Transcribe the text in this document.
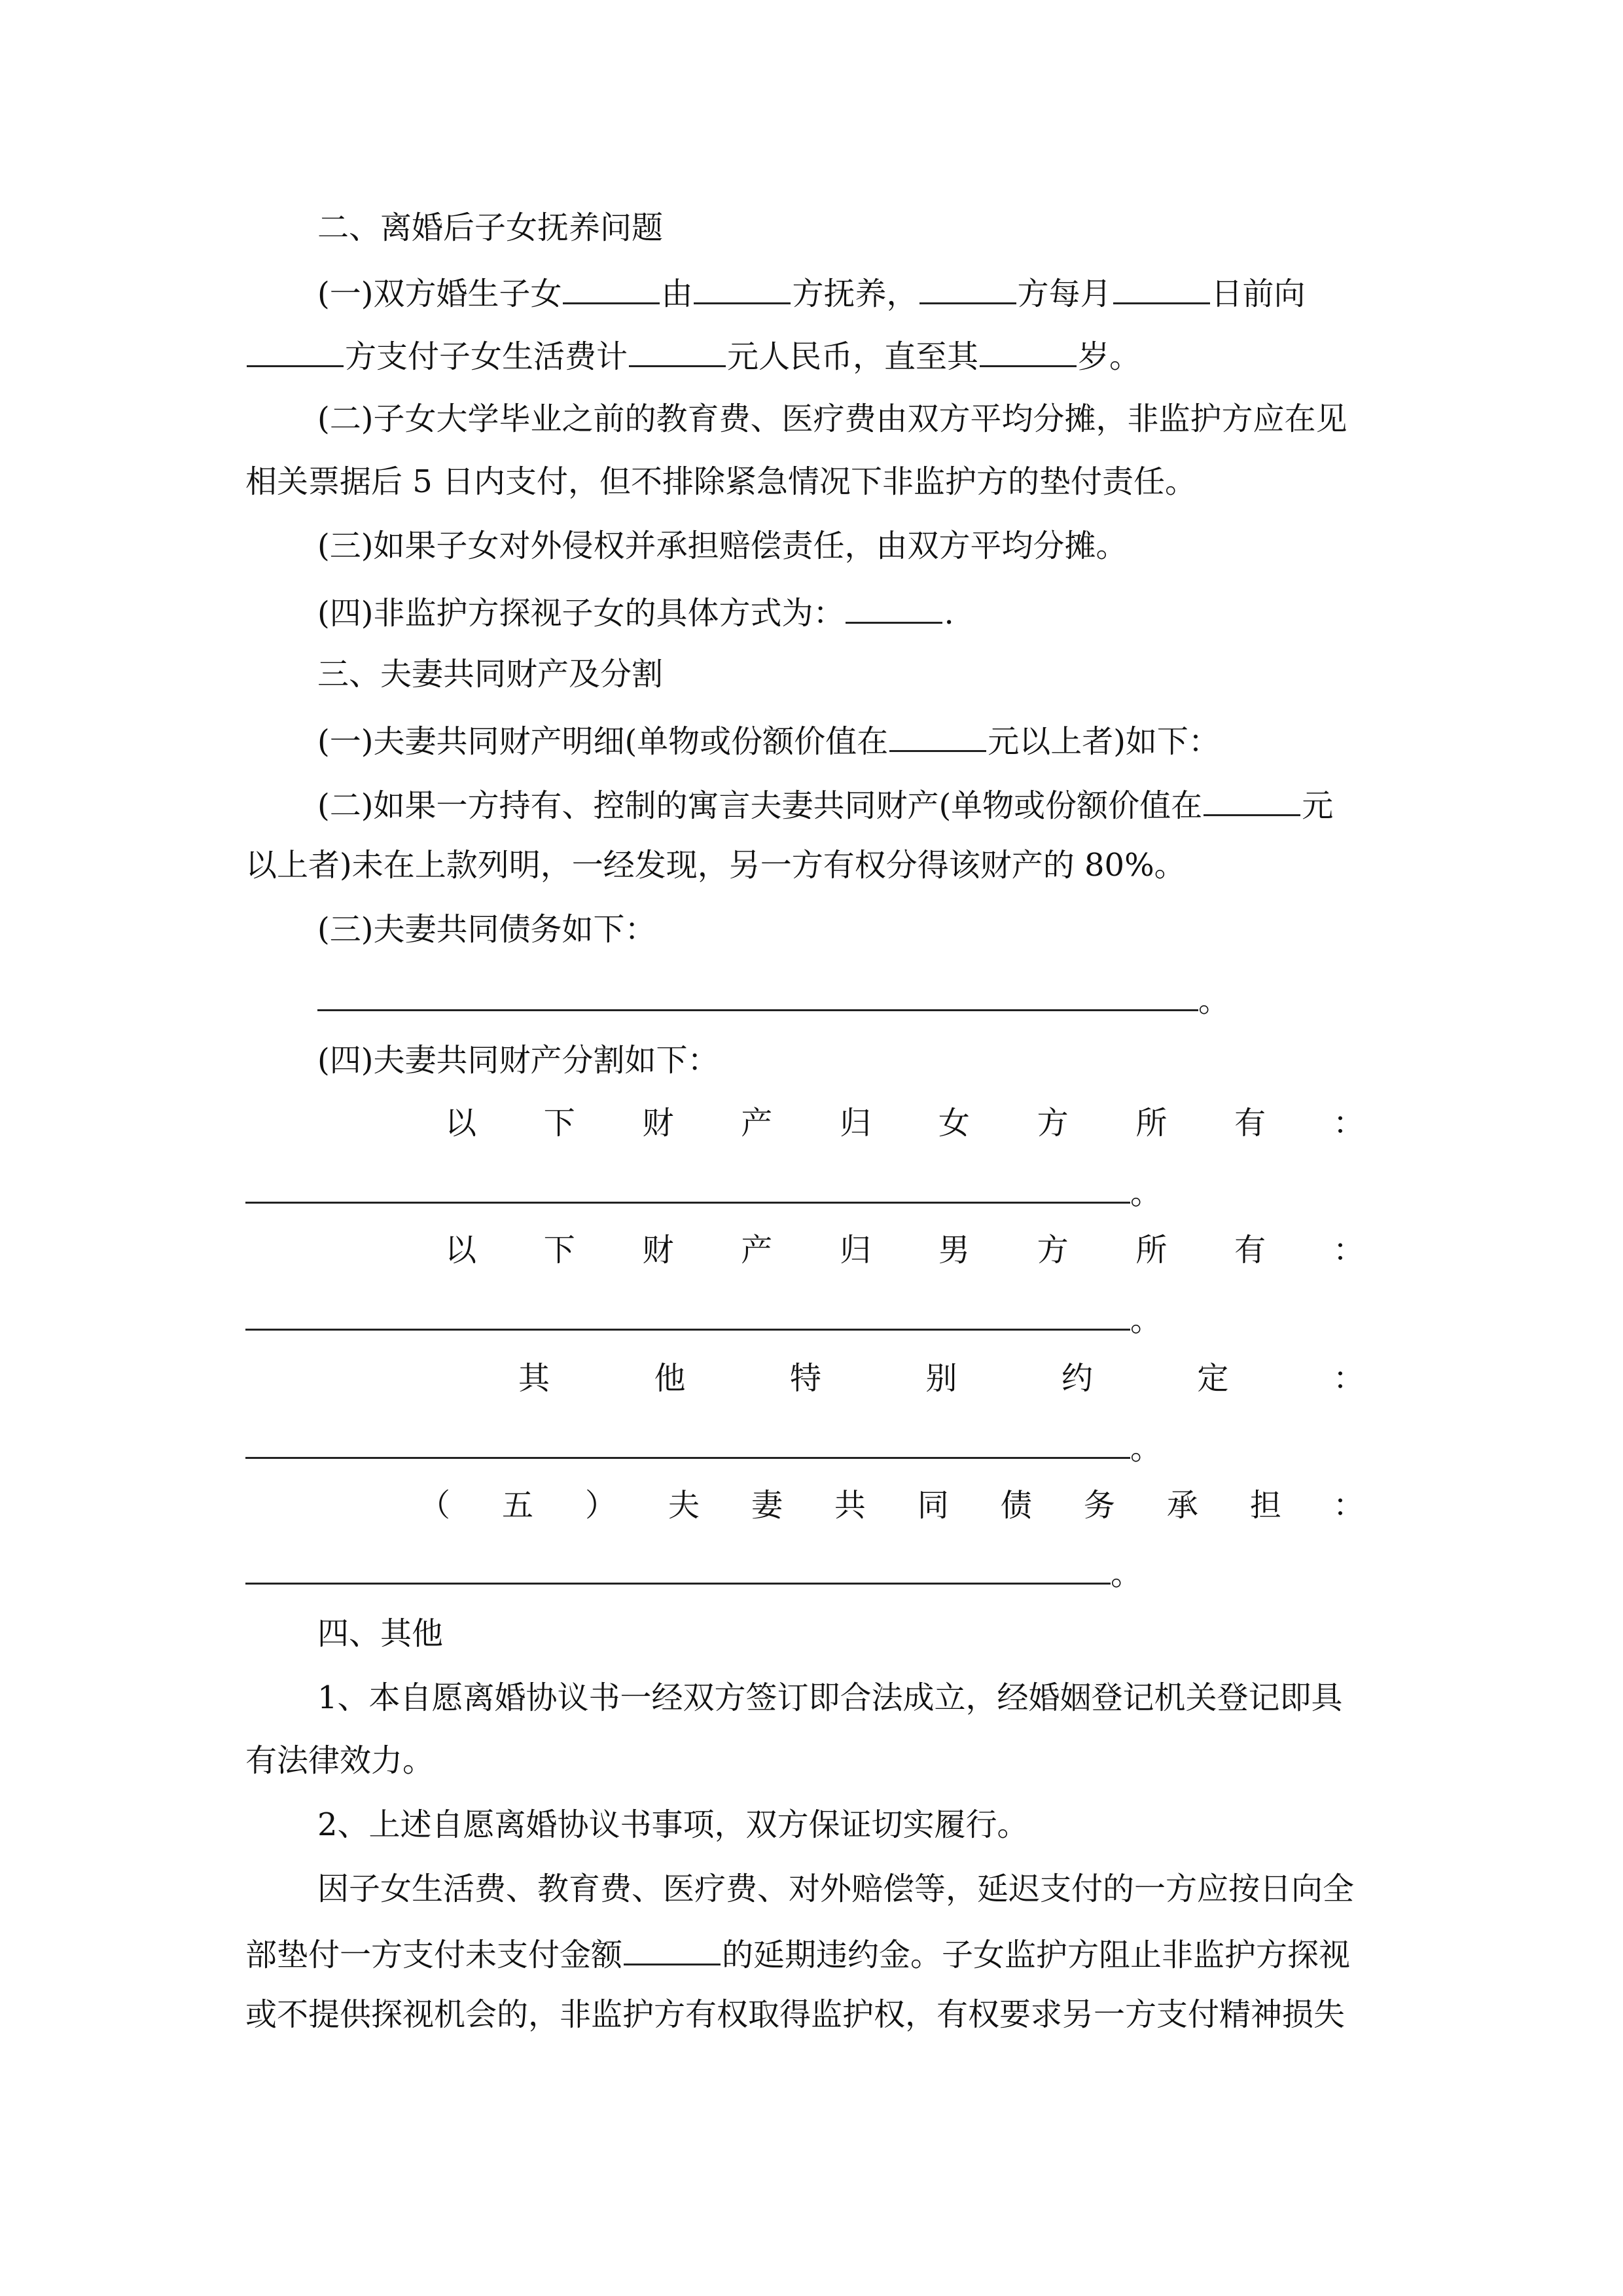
二、离婚后子女抚养问题
(一)双方婚生子女	由	方抚养，	方每月	日前向
方支付子女生活费计	元人民币，直至其	岁。
(二)子女大学毕业之前的教育费、医疗费由双方平均分摊，非监护方应在见
相关票据后 5 日内支付，但不排除紧急情况下非监护方的垫付责任。
(三)如果子女对外侵权并承担赔偿责任，由双方平均分摊。
(四)非监护方探视子女的具体方式为：	.
三、夫妻共同财产及分割
(一)夫妻共同财产明细(单物或份额价值在	元以上者)如下：
(二)如果一方持有、控制的寓言夫妻共同财产(单物或份额价值在	元
以上者)未在上款列明，一经发现，另一方有权分得该财产的 80%。
(三)夫妻共同债务如下：
。
(四)夫妻共同财产分割如下：
以 下 财 产 归 女 方 所 有 ：
。
以 下 财 产 归 男 方 所 有 ：
。
其	他	特	别	约	定	：
。
（ 五 ） 夫 妻 共 同 债 务 承 担 ：
。
四、其他
1、本自愿离婚协议书一经双方签订即合法成立，经婚姻登记机关登记即具
有法律效力。
2、上述自愿离婚协议书事项，双方保证切实履行。
因子女生活费、教育费、医疗费、对外赔偿等，延迟支付的一方应按日向全
部垫付一方支付未支付金额	的延期违约金。子女监护方阻止非监护方探视
或不提供探视机会的，非监护方有权取得监护权，有权要求另一方支付精神损失
